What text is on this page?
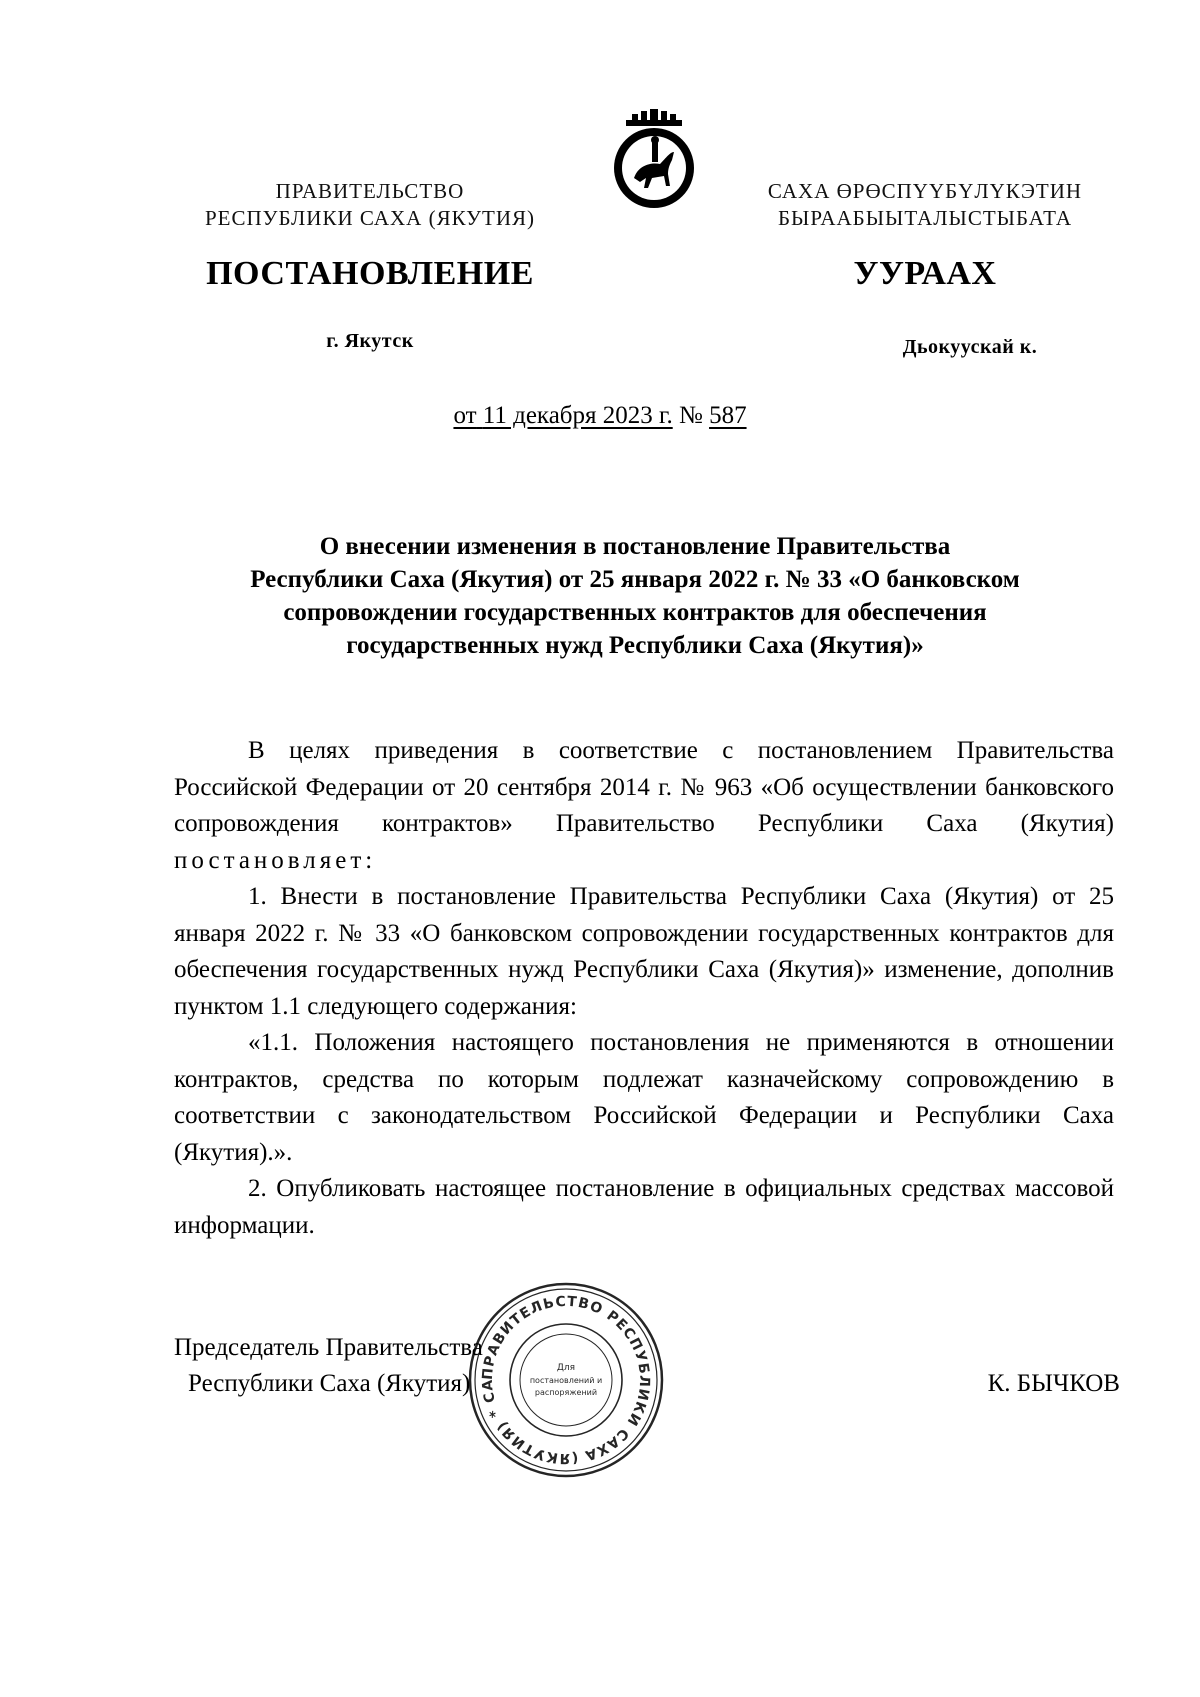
ПРАВИТЕЛЬСТВО
РЕСПУБЛИКИ САХА (ЯКУТИЯ)
САХА ӨРӨСПҮҮБҮЛҮКЭТИН
БЫРААБЫЫТАЛЫСТЫБАТА
ПОСТАНОВЛЕНИЕ	УУРААХ
г. Якутск	Дьокуускай к.
от 11 декабря 2023 г. № 587
О внесении изменения в постановление Правительства
Республики Саха (Якутия) от 25 января 2022 г. № 33 «О банковском
сопровождении государственных контрактов для обеспечения
государственных нужд Республики Саха (Якутия)»

В целях приведения в соответствие с постановлением Правительства Российской Федерации от 20 сентября 2014 г. № 963 «Об осуществлении банковского сопровождения контрактов» Правительство Республики Саха (Якутия) постановляет:

1. Внести в постановление Правительства Республики Саха (Якутия) от 25 января 2022 г. № 33 «О банковском сопровождении государственных контрактов для обеспечения государственных нужд Республики Саха (Якутия)» изменение, дополнив пунктом 1.1 следующего содержания:

«1.1. Положения настоящего постановления не применяются в отношении контрактов, средства по которым подлежат казначейскому сопровождению в соответствии с законодательством Российской Федерации и Республики Саха (Якутия).».

2. Опубликовать настоящее постановление в официальных средствах массовой информации.

Председатель Правительства
Республики Саха (Якутия)	К. БЫЧКОВ
ПРАВИТЕЛЬСТВО РЕСПУБЛИКИ САХА (ЯКУТИЯ) * СА
Для
постановлений и
распоряжений
